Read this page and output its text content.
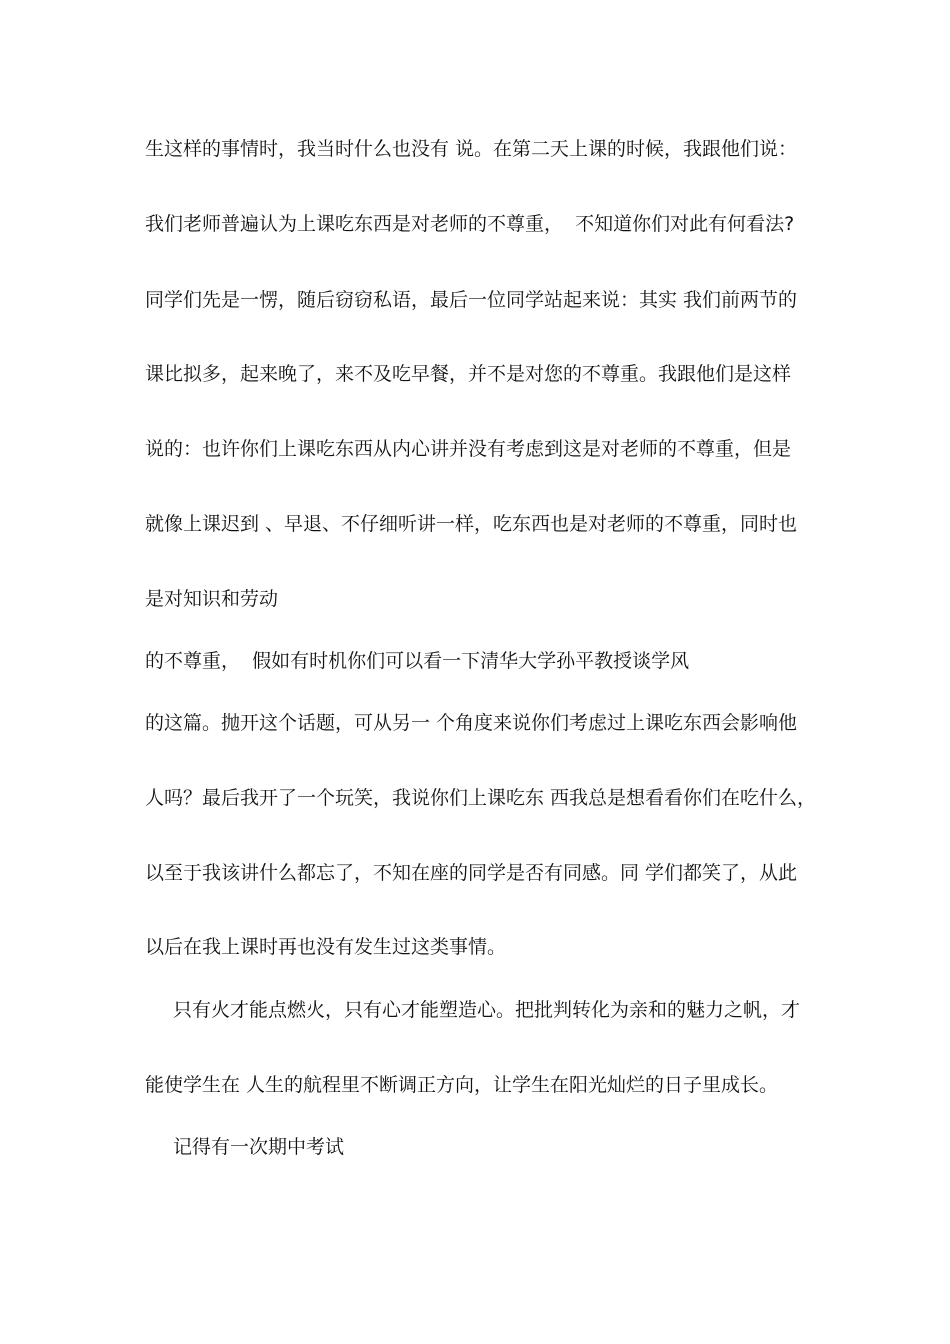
生这样的事情时，我当时什么也没有 说。在第二天上课的时候，我跟他们说：
我们老师普遍认为上课吃东西是对老师的不尊重，  不知道你们对此有何看法?
同学们先是一愣，随后窃窃私语，最后一位同学站起来说：其实 我们前两节的
课比拟多，起来晚了，来不及吃早餐，并不是对您的不尊重。我跟他们是这样
说的：也许你们上课吃东西从内心讲并没有考虑到这是对老师的不尊重，但是
就像上课迟到 、早退、不仔细听讲一样，吃东西也是对老师的不尊重，同时也
是对知识和劳动
的不尊重，  假如有时机你们可以看一下清华大学孙平教授谈学风
的这篇。抛开这个话题，可从另一 个角度来说你们考虑过上课吃东西会影响他
人吗？最后我开了一个玩笑，我说你们上课吃东 西我总是想看看你们在吃什么，
以至于我该讲什么都忘了，不知在座的同学是否有同感。同 学们都笑了，从此
以后在我上课时再也没有发生过这类事情。
只有火才能点燃火，只有心才能塑造心。把批判转化为亲和的魅力之帆，才
能使学生在 人生的航程里不断调正方向，让学生在阳光灿烂的日子里成长。
记得有一次期中考试
